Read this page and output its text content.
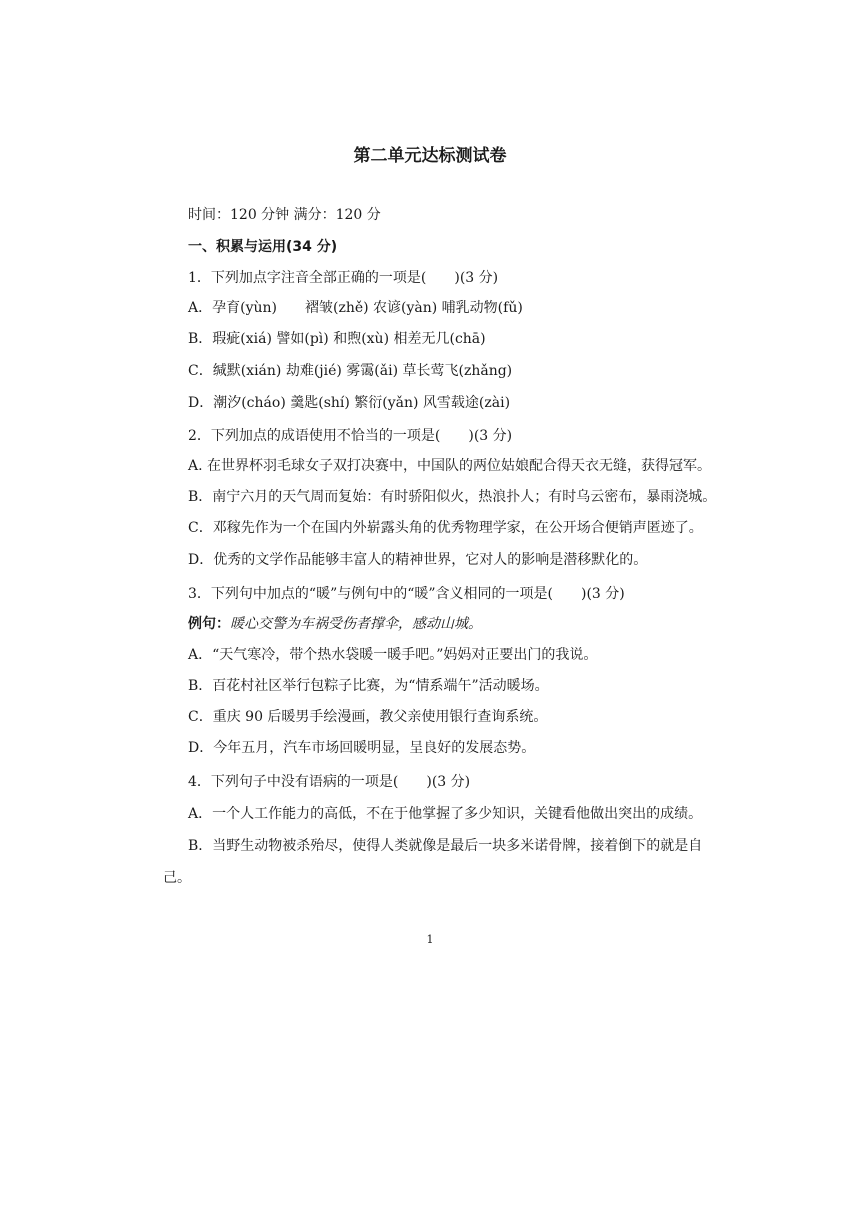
第二单元达标测试卷
时间：120 分钟 满分：120 分
一、积累与运用(34 分)
1．下列加点字注音全部正确的一项是(　　)(3 分)
A．孕育(yùn)　　褶皱(zhě) 农谚(yàn) 哺乳动物(fǔ)
B．瑕疵(xiá) 譬如(pì) 和煦(xù) 相差无几(chā)
C．缄默(xián) 劫难(jié) 雾霭(ǎi) 草长莺飞(zhǎng)
D．潮汐(cháo) 羹匙(shí) 繁衍(yǎn) 风雪载途(zài)
2．下列加点的成语使用不恰当的一项是(　　)(3 分)
A. 在世界杯羽毛球女子双打决赛中，中国队的两位姑娘配合得天衣无缝，获得冠军。
B．南宁六月的天气周而复始：有时骄阳似火，热浪扑人；有时乌云密布，暴雨浇城。
C．邓稼先作为一个在国内外崭露头角的优秀物理学家，在公开场合便销声匿迹了。
D．优秀的文学作品能够丰富人的精神世界，它对人的影响是潜移默化的。
3．下列句中加点的“暖”与例句中的“暖”含义相同的一项是(　　)(3 分)
例句：暖心交警为车祸受伤者撑伞，感动山城。
A．“天气寒冷，带个热水袋暖一暖手吧。”妈妈对正要出门的我说。
B．百花村社区举行包粽子比赛，为“情系端午”活动暖场。
C．重庆 90 后暖男手绘漫画，教父亲使用银行查询系统。
D．今年五月，汽车市场回暖明显，呈良好的发展态势。
4．下列句子中没有语病的一项是(　　)(3 分)
A．一个人工作能力的高低，不在于他掌握了多少知识，关键看他做出突出的成绩。
B．当野生动物被杀殆尽，使得人类就像是最后一块多米诺骨牌，接着倒下的就是自
己。
1
